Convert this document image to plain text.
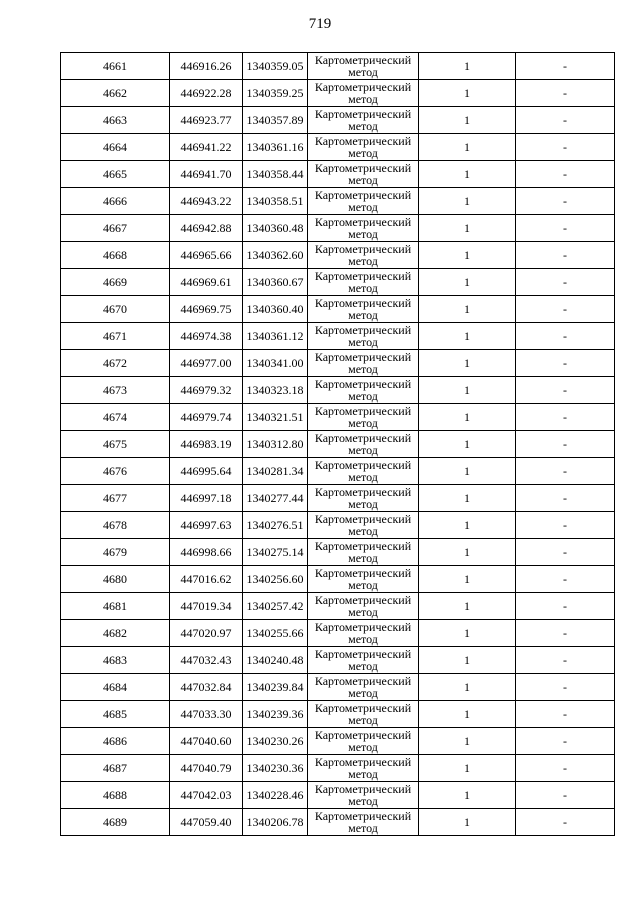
719
4661	446916.26	1340359.05	Картометрический
метод	1	-
4662	446922.28	1340359.25	Картометрический
метод	1	-
4663	446923.77	1340357.89	Картометрический
метод	1	-
4664	446941.22	1340361.16	Картометрический
метод	1	-
4665	446941.70	1340358.44	Картометрический
метод	1	-
4666	446943.22	1340358.51	Картометрический
метод	1	-
4667	446942.88	1340360.48	Картометрический
метод	1	-
4668	446965.66	1340362.60	Картометрический
метод	1	-
4669	446969.61	1340360.67	Картометрический
метод	1	-
4670	446969.75	1340360.40	Картометрический
метод	1	-
4671	446974.38	1340361.12	Картометрический
метод	1	-
4672	446977.00	1340341.00	Картометрический
метод	1	-
4673	446979.32	1340323.18	Картометрический
метод	1	-
4674	446979.74	1340321.51	Картометрический
метод	1	-
4675	446983.19	1340312.80	Картометрический
метод	1	-
4676	446995.64	1340281.34	Картометрический
метод	1	-
4677	446997.18	1340277.44	Картометрический
метод	1	-
4678	446997.63	1340276.51	Картометрический
метод	1	-
4679	446998.66	1340275.14	Картометрический
метод	1	-
4680	447016.62	1340256.60	Картометрический
метод	1	-
4681	447019.34	1340257.42	Картометрический
метод	1	-
4682	447020.97	1340255.66	Картометрический
метод	1	-
4683	447032.43	1340240.48	Картометрический
метод	1	-
4684	447032.84	1340239.84	Картометрический
метод	1	-
4685	447033.30	1340239.36	Картометрический
метод	1	-
4686	447040.60	1340230.26	Картометрический
метод	1	-
4687	447040.79	1340230.36	Картометрический
метод	1	-
4688	447042.03	1340228.46	Картометрический
метод	1	-
4689	447059.40	1340206.78	Картометрический
метод	1	-
